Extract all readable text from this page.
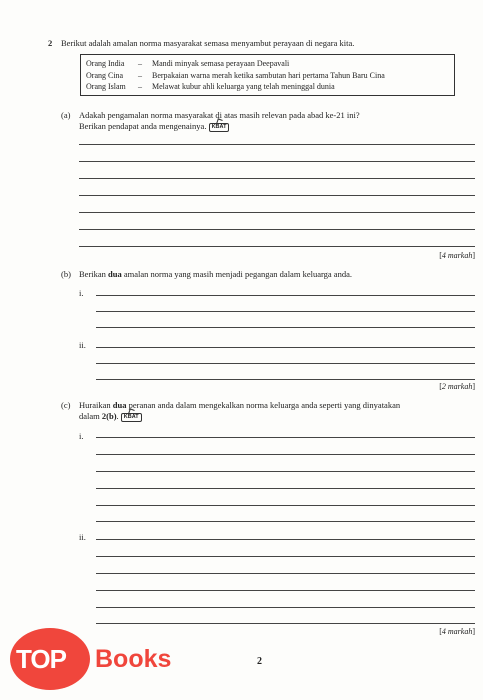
2 Berikut adalah amalan norma masyarakat semasa menyambut perayaan di negara kita.
Orang India	–	Mandi minyak semasa perayaan Deepavali
Orang Cina	–	Berpakaian warna merah ketika sambutan hari pertama Tahun Baru Cina
Orang Islam	–	Melawat kubur ahli keluarga yang telah meninggal dunia
(a) Adakah pengamalan norma masyarakat di atas masih relevan pada abad ke-21 ini?
Berikan pendapat anda mengenainya. KBAT
[4 markah]
(b) Berikan dua amalan norma yang masih menjadi pegangan dalam keluarga anda.
i.
ii.
[2 markah]
(c) Huraikan dua peranan anda dalam mengekalkan norma keluarga anda seperti yang dinyatakan
dalam 2(b). KBAT
i.
ii.
[4 markah]
2
TOP Books
